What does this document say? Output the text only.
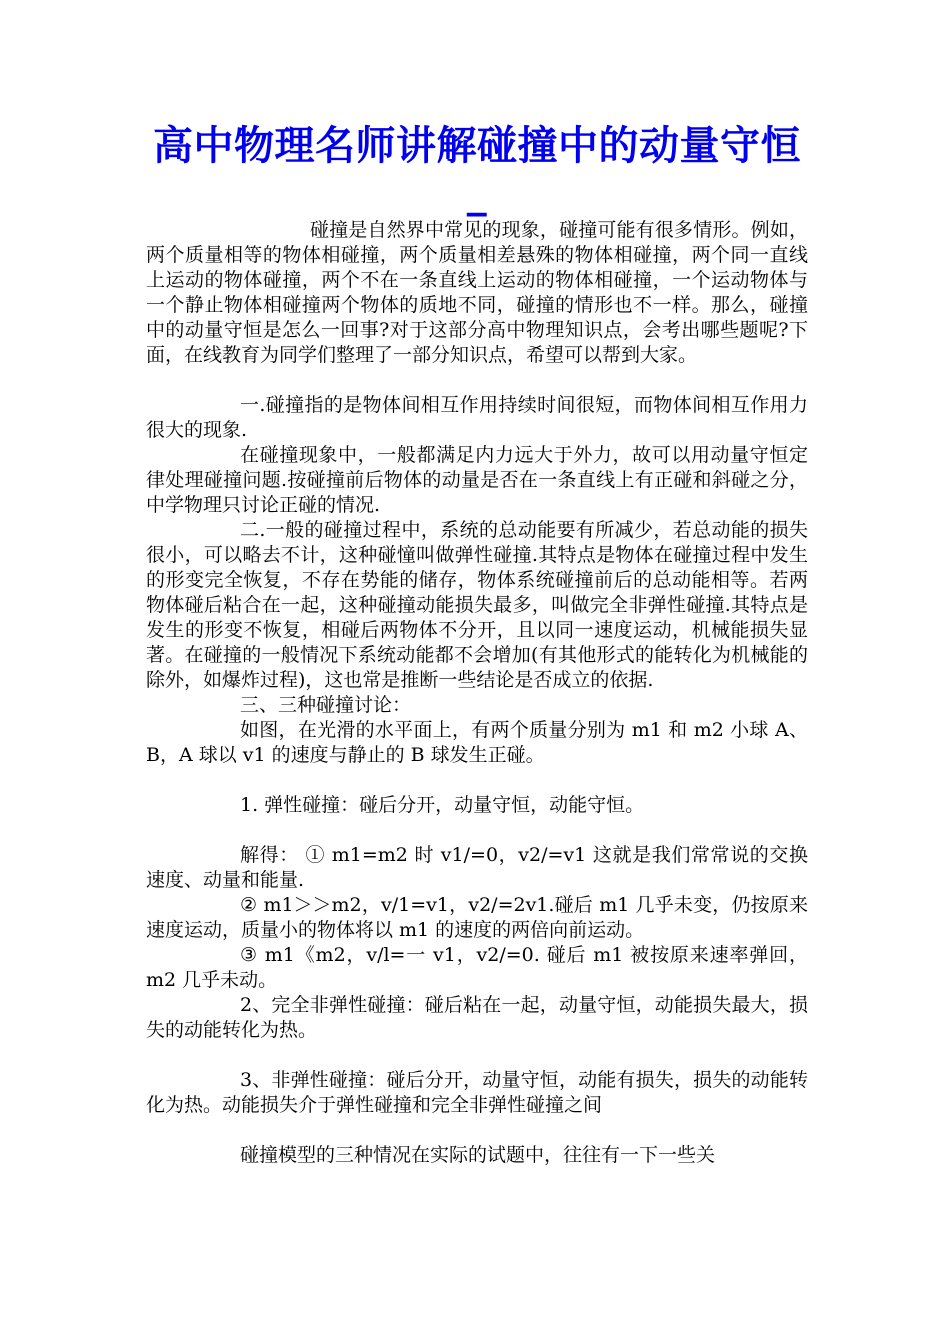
高中物理名师讲解碰撞中的动量守恒_

碰撞是自然界中常见的现象，碰撞可能有很多情形。例如，两个质量相等的物体相碰撞，两个质量相差悬殊的物体相碰撞，两个同一直线上运动的物体碰撞，两个不在一条直线上运动的物体相碰撞，一个运动物体与一个静止物体相碰撞两个物体的质地不同，碰撞的情形也不一样。那么，碰撞中的动量守恒是怎么一回事?对于这部分高中物理知识点，会考出哪些题呢?下面，在线教育为同学们整理了一部分知识点，希望可以帮到大家。

一.碰撞指的是物体间相互作用持续时间很短，而物体间相互作用力很大的现象.

在碰撞现象中，一般都满足内力远大于外力，故可以用动量守恒定律处理碰撞问题.按碰撞前后物体的动量是否在一条直线上有正碰和斜碰之分，中学物理只讨论正碰的情况.

二.一般的碰撞过程中，系统的总动能要有所减少，若总动能的损失很小，可以略去不计，这种碰憧叫做弹性碰撞.其特点是物体在碰撞过程中发生的形变完全恢复，不存在势能的储存，物体系统碰撞前后的总动能相等。若两物体碰后粘合在一起，这种碰撞动能损失最多，叫做完全非弹性碰撞.其特点是发生的形变不恢复，相碰后两物体不分开，且以同一速度运动，机械能损失显著。在碰撞的一般情况下系统动能都不会增加(有其他形式的能转化为机械能的除外，如爆炸过程)，这也常是推断一些结论是否成立的依据.

三、三种碰撞讨论：

如图，在光滑的水平面上，有两个质量分别为 m1 和 m2 小球 A、B，A 球以 v1 的速度与静止的 B 球发生正碰。

1. 弹性碰撞：碰后分开，动量守恒，动能守恒。

解得： ① m1=m2 时 v1/=0，v2/=v1 这就是我们常常说的交换速度、动量和能量.

② m1＞＞m2，v/1=v1，v2/=2v1.碰后 m1 几乎未变，仍按原来速度运动，质量小的物体将以 m1 的速度的两倍向前运动。

③ m1《m2，v/l=一 v1，v2/=0. 碰后 m1 被按原来速率弹回，m2 几乎未动。

2、完全非弹性碰撞：碰后粘在一起，动量守恒，动能损失最大，损失的动能转化为热。

3、非弹性碰撞：碰后分开，动量守恒，动能有损失，损失的动能转化为热。动能损失介于弹性碰撞和完全非弹性碰撞之间

碰撞模型的三种情况在实际的试题中，往往有一下一些关
